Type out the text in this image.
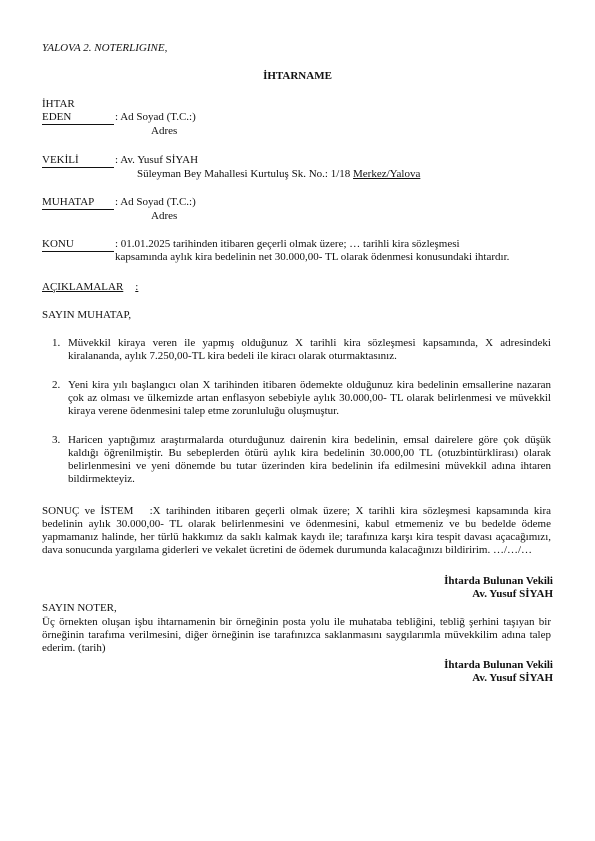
YALOVA 2. NOTERLIGINE,
İHTARNAME
İHTAR
EDEN	: Ad Soyad (T.C.:)
Adres
VEKİLİ	: Av. Yusuf SİYAH
Süleyman Bey Mahallesi Kurtuluş Sk. No.: 1/18 Merkez/Yalova
MUHATAP : Ad Soyad (T.C.:)
Adres
KONU	: 01.01.2025 tarihinden itibaren geçerli olmak üzere; … tarihli kira sözleşmesi
kapsamında aylık kira bedelinin net 30.000,00- TL olarak ödenmesi konusundaki ihtardır.
AÇIKLAMALAR :
SAYIN MUHATAP,
1. Müvekkil kiraya veren ile yapmış olduğunuz X tarihli kira sözleşmesi kapsamında, X adresindeki kiralananda, aylık 7.250,00-TL kira bedeli ile kiracı olarak oturmaktasınız.
2. Yeni kira yılı başlangıcı olan X tarihinden itibaren ödemekte olduğunuz kira bedelinin emsallerine nazaran çok az olması ve ülkemizde artan enflasyon sebebiyle aylık 30.000,00- TL olarak belirlenmesi ve müvekkil kiraya verene ödenmesini talep etme zorunluluğu oluşmuştur.
3. Haricen yaptığımız araştırmalarda oturduğunuz dairenin kira bedelinin, emsal dairelere göre çok düşük kaldığı öğrenilmiştir. Bu sebeplerden ötürü aylık kira bedelinin 30.000,00 TL (otuzbintürklirası) olarak belirlenmesini ve yeni dönemde bu tutar üzerinden kira bedelinin ifa edilmesini müvekkil adına ihtaren bildirmekteyiz.
SONUÇ ve İSTEM :X tarihinden itibaren geçerli olmak üzere; X tarihli kira sözleşmesi kapsamında kira bedelinin aylık 30.000,00- TL olarak belirlenmesini ve ödenmesini, kabul etmemeniz ve bu bedelde ödeme yapmamanız halinde, her türlü hakkımız da saklı kalmak kaydı ile; tarafınıza karşı kira tespit davası açacağımızı, dava sonucunda yargılama giderleri ve vekalet ücretini de ödemek durumunda kalacağınızı bildiririm. …/…/…
İhtarda Bulunan Vekili
Av. Yusuf SİYAH
SAYIN NOTER,
Üç örnekten oluşan işbu ihtarnamenin bir örneğinin posta yolu ile muhataba tebliğini, tebliğ şerhini taşıyan bir örneğinin tarafıma verilmesini, diğer örneğinin ise tarafınızca saklanmasını saygılarımla müvekkilim adına talep ederim. (tarih)
İhtarda Bulunan Vekili
Av. Yusuf SİYAH
